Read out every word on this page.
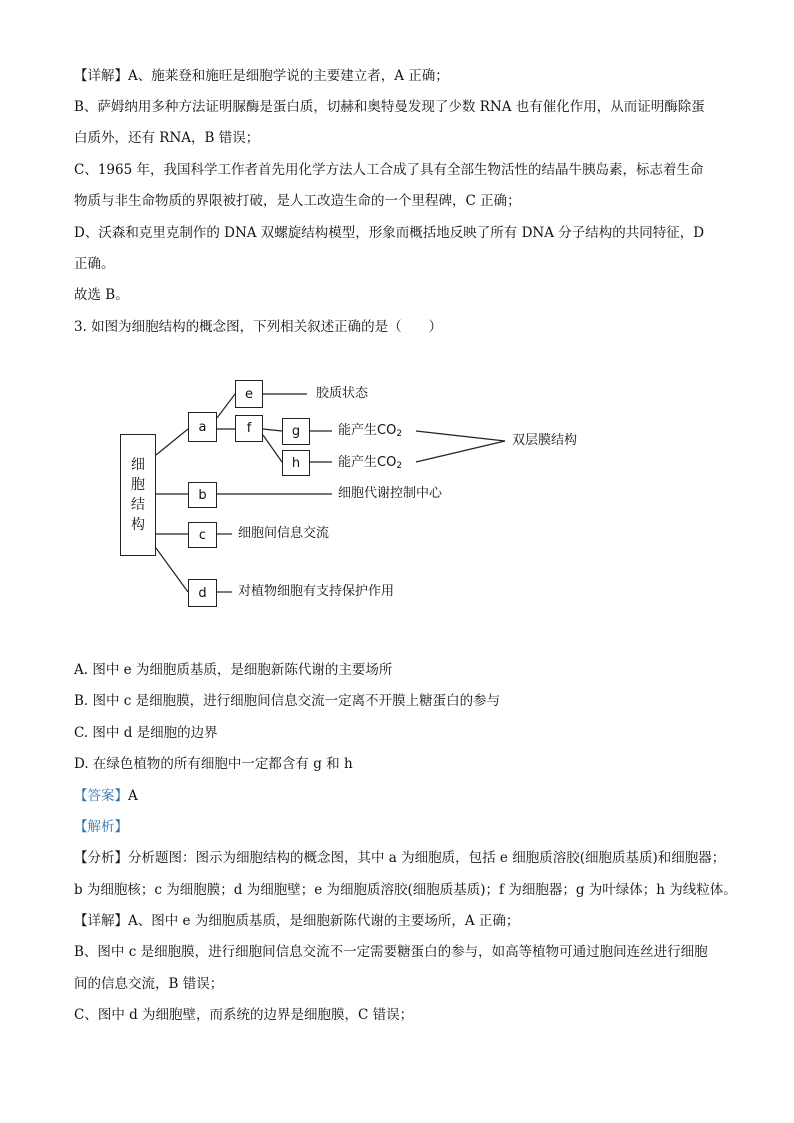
【详解】A、施莱登和施旺是细胞学说的主要建立者，A 正确；
B、萨姆纳用多种方法证明脲酶是蛋白质，切赫和奥特曼发现了少数 RNA 也有催化作用，从而证明酶除蛋
白质外，还有 RNA，B 错误；
C、1965 年，我国科学工作者首先用化学方法人工合成了具有全部生物活性的结晶牛胰岛素，标志着生命
物质与非生命物质的界限被打破，是人工改造生命的一个里程碑，C 正确；
D、沃森和克里克制作的 DNA 双螺旋结构模型，形象而概括地反映了所有 DNA 分子结构的共同特征，D
正确。
故选 B。
3. 如图为细胞结构的概念图，下列相关叙述正确的是（　　）
细
胞
结
构
a
e
f	g
h
b
c
d
胶质状态
能产生$CO_2$
能产生$CO_2$
双层膜结构
细胞代谢控制中心
细胞间信息交流
对植物细胞有支持保护作用
A. 图中 e 为细胞质基质，是细胞新陈代谢的主要场所
B. 图中 c 是细胞膜，进行细胞间信息交流一定离不开膜上糖蛋白的参与
C. 图中 d 是细胞的边界
D. 在绿色植物的所有细胞中一定都含有 g 和 h
【答案】A
【解析】
【分析】分析题图：图示为细胞结构的概念图，其中 a 为细胞质，包括 e 细胞质溶胶(细胞质基质)和细胞器；
b 为细胞核；c 为细胞膜；d 为细胞壁；e 为细胞质溶胶(细胞质基质)；f 为细胞器；g 为叶绿体；h 为线粒体。
【详解】A、图中 e 为细胞质基质，是细胞新陈代谢的主要场所，A 正确；
B、图中 c 是细胞膜，进行细胞间信息交流不一定需要糖蛋白的参与，如高等植物可通过胞间连丝进行细胞
间的信息交流，B 错误；
C、图中 d 为细胞壁，而系统的边界是细胞膜，C 错误；
